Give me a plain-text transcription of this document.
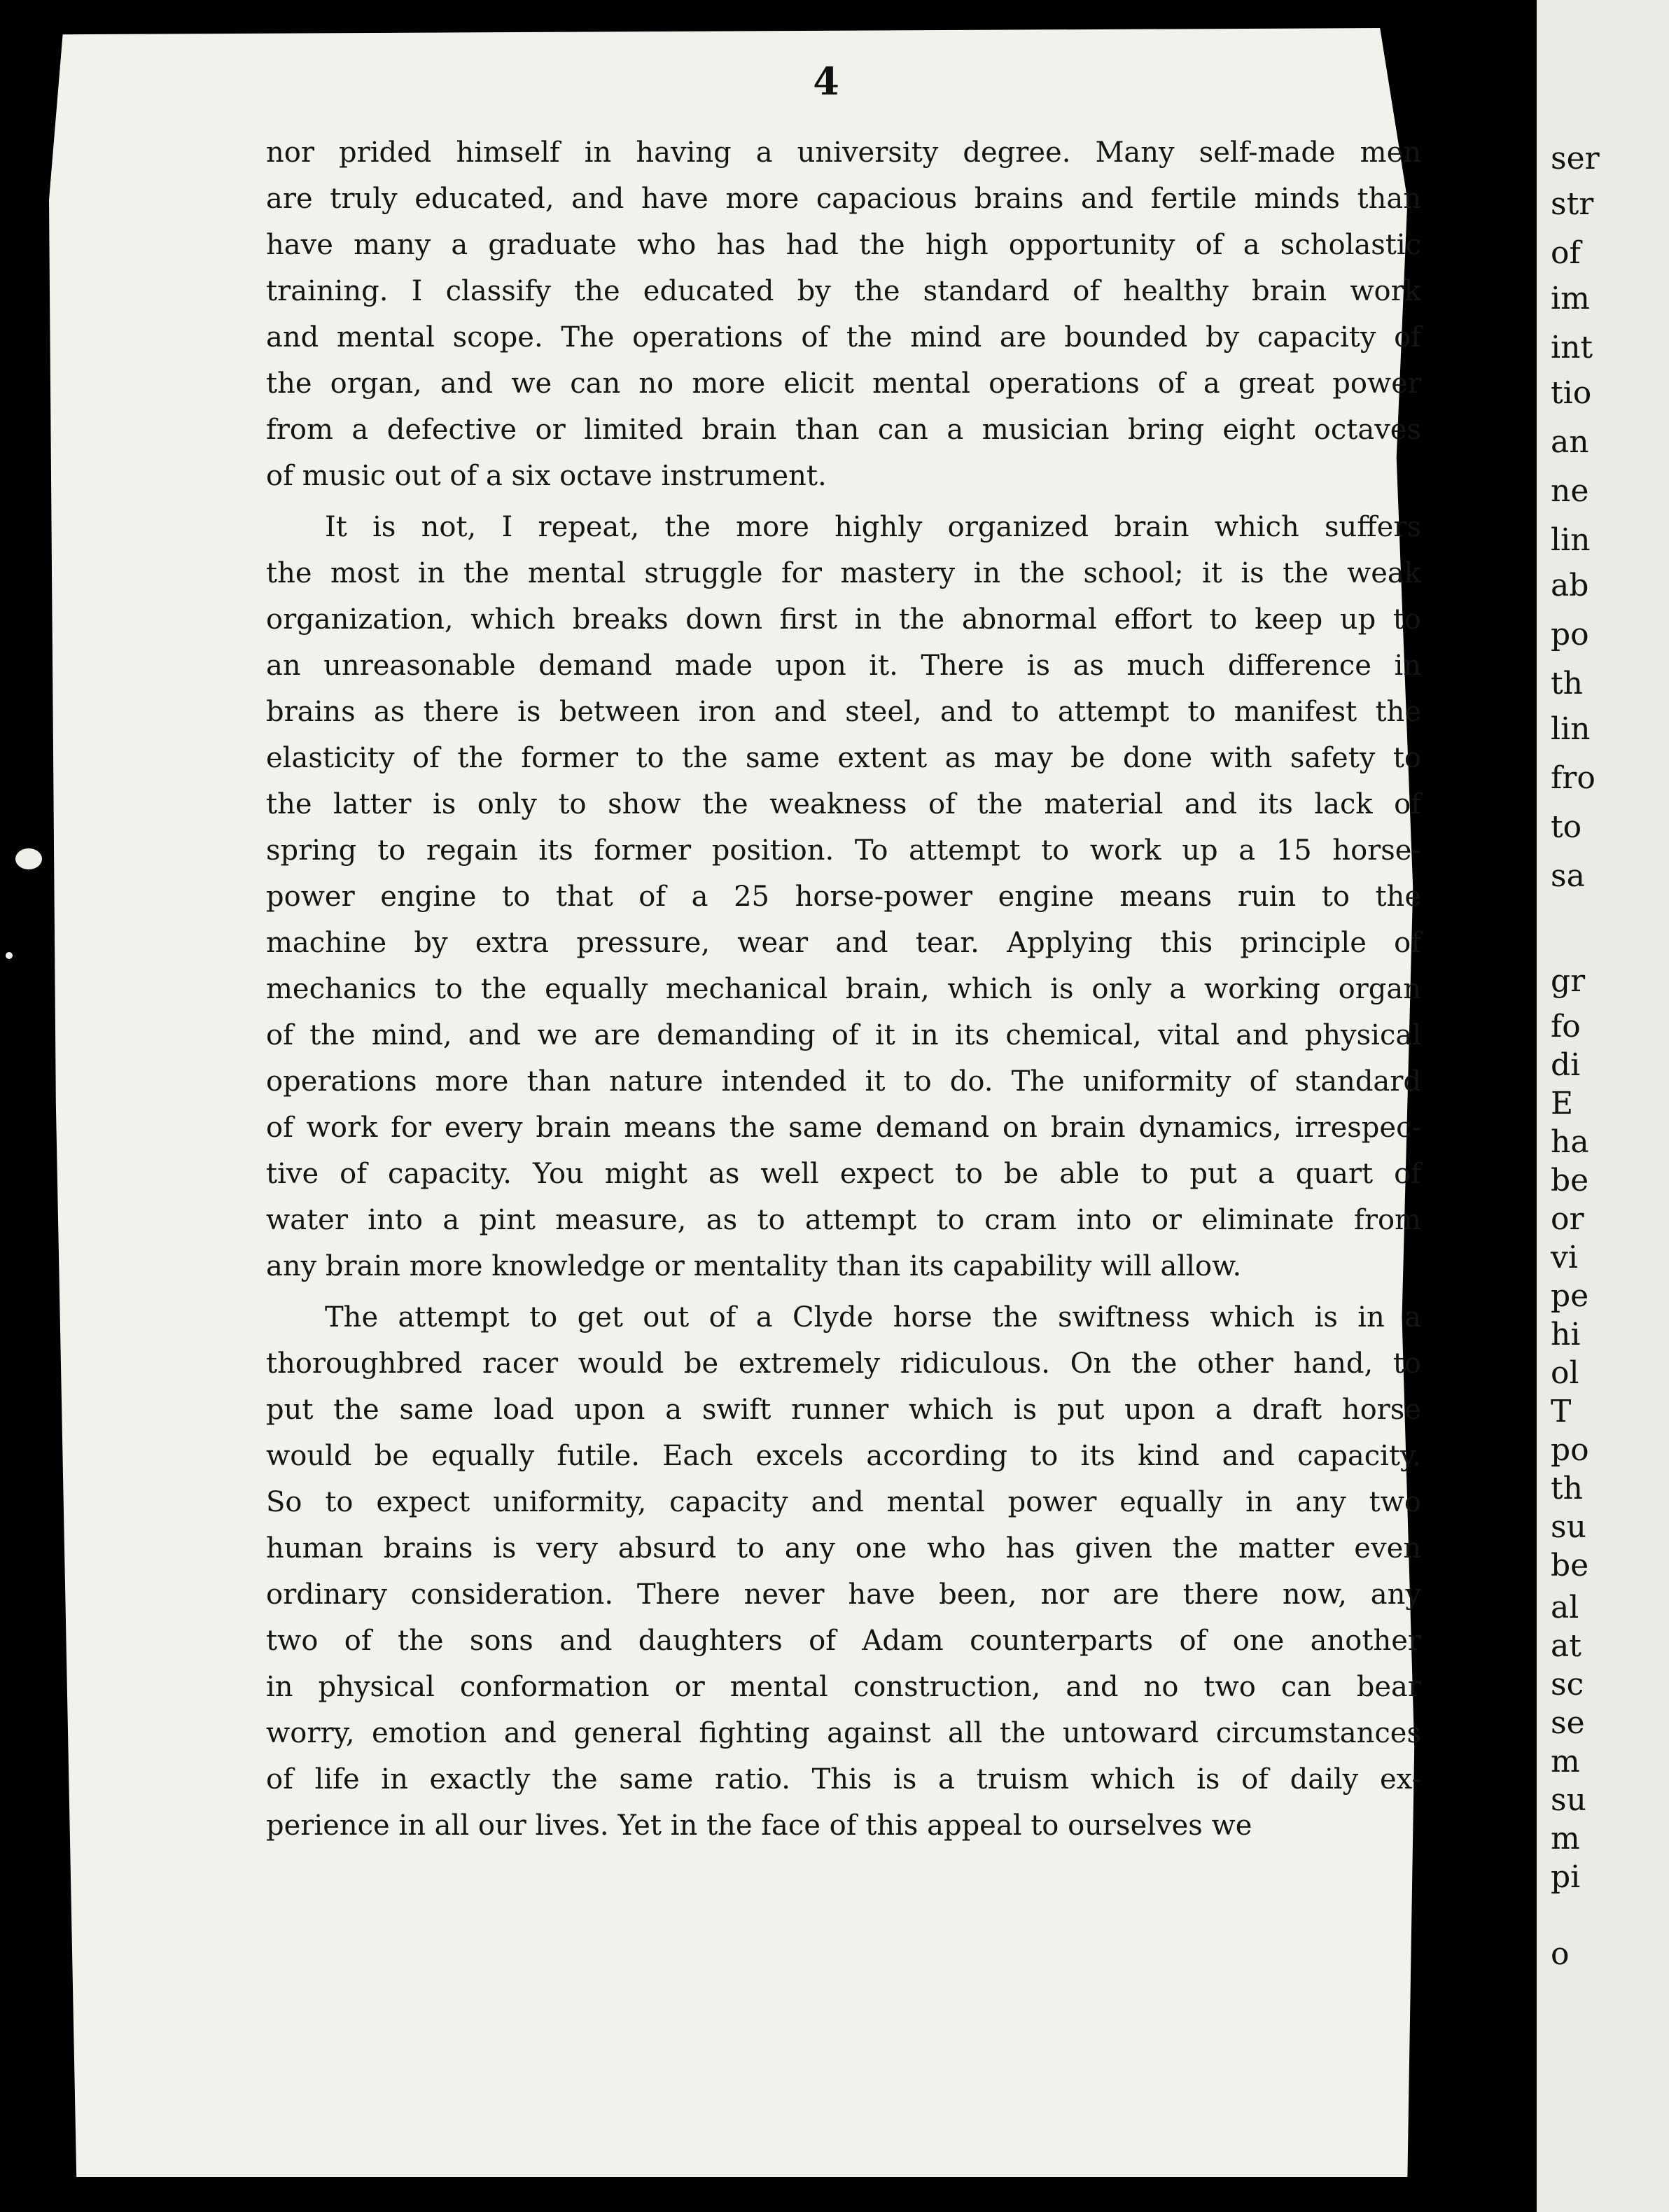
ser

str

of

im

int

tio

an

ne

lin

ab

po

th

lin

fro

to

sa

gr

fo

di

E

ha

be

or

vi

pe

hi

ol

T

po

th

su

be

al

at

sc

se

m

su

m

pi

o

4

nor prided himself in having a university degree. Many self-made men
are truly educated, and have more capacious brains and fertile minds than
have many a graduate who has had the high opportunity of a scholastic
training. I classify the educated by the standard of healthy brain work
and mental scope. The operations of the mind are bounded by capacity of
the organ, and we can no more elicit mental operations of a great power
from a defective or limited brain than can a musician bring eight octaves
of music out of a six octave instrument.
It is not, I repeat, the more highly organized brain which suffers
the most in the mental struggle for mastery in the school; it is the weak
organization, which breaks down first in the abnormal effort to keep up to
an unreasonable demand made upon it. There is as much difference in
brains as there is between iron and steel, and to attempt to manifest the
elasticity of the former to the same extent as may be done with safety to
the latter is only to show the weakness of the material and its lack of
spring to regain its former position. To attempt to work up a 15 horse-
power engine to that of a 25 horse-power engine means ruin to the
machine by extra pressure, wear and tear. Applying this principle of
mechanics to the equally mechanical brain, which is only a working organ
of the mind, and we are demanding of it in its chemical, vital and physical
operations more than nature intended it to do. The uniformity of standard
of work for every brain means the same demand on brain dynamics, irrespec-
tive of capacity. You might as well expect to be able to put a quart of
water into a pint measure, as to attempt to cram into or eliminate from
any brain more knowledge or mentality than its capability will allow.
The attempt to get out of a Clyde horse the swiftness which is in a
thoroughbred racer would be extremely ridiculous. On the other hand, to
put the same load upon a swift runner which is put upon a draft horse
would be equally futile. Each excels according to its kind and capacity.
So to expect uniformity, capacity and mental power equally in any two
human brains is very absurd to any one who has given the matter even
ordinary consideration. There never have been, nor are there now, any
two of the sons and daughters of Adam counterparts of one another
in physical conformation or mental construction, and no two can bear
worry, emotion and general fighting against all the untoward circumstances
of life in exactly the same ratio. This is a truism which is of daily ex-
perience in all our lives. Yet in the face of this appeal to ourselves we
